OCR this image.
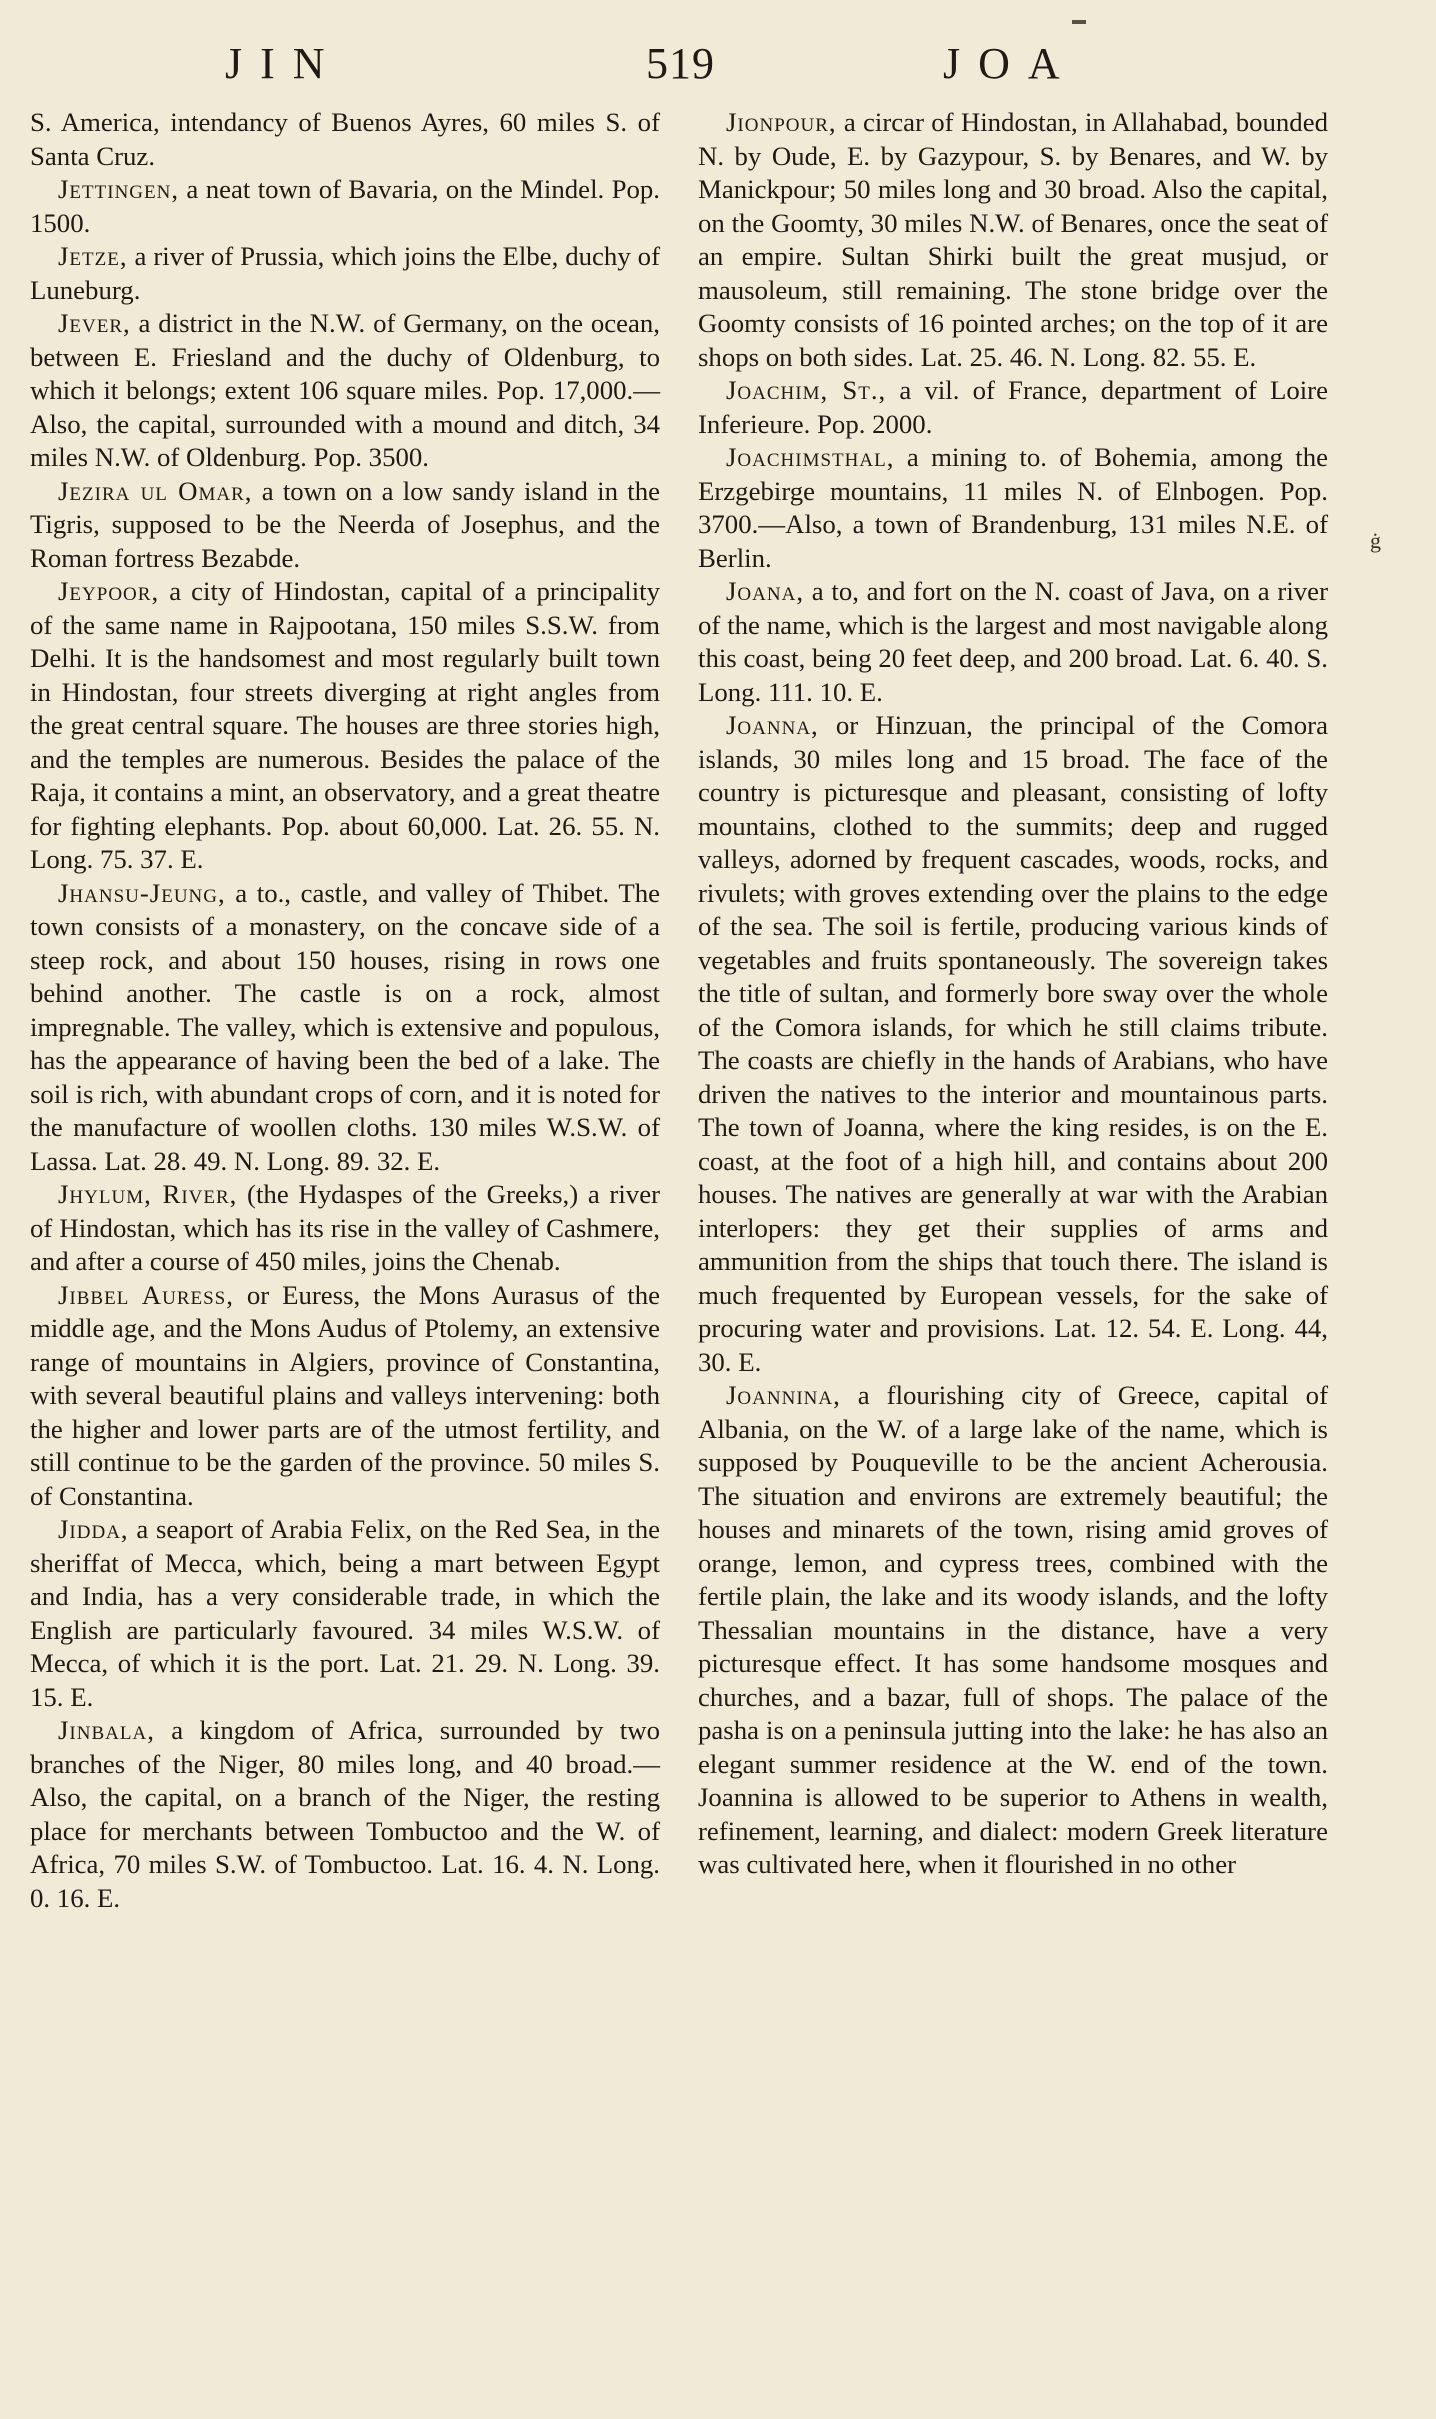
JIN	519	JOA

S. America, intendancy of Buenos Ayres, 60 miles S. of Santa Cruz.

Jettingen, a neat town of Bavaria, on the Mindel. Pop. 1500.

Jetze, a river of Prussia, which joins the Elbe, duchy of Luneburg.

Jever, a district in the N.W. of Germany, on the ocean, between E. Friesland and the duchy of Oldenburg, to which it belongs; extent 106 square miles. Pop. 17,000.—Also, the capital, surrounded with a mound and ditch, 34 miles N.W. of Oldenburg. Pop. 3500.

Jezira ul Omar, a town on a low sandy island in the Tigris, supposed to be the Neerda of Josephus, and the Roman fortress Bezabde.

Jeypoor, a city of Hindostan, capital of a principality of the same name in Rajpootana, 150 miles S.S.W. from Delhi. It is the handsomest and most regularly built town in Hindostan, four streets diverging at right angles from the great central square. The houses are three stories high, and the temples are numerous. Besides the palace of the Raja, it contains a mint, an observatory, and a great theatre for fighting elephants. Pop. about 60,000. Lat. 26. 55. N. Long. 75. 37. E.

Jhansu-Jeung, a to., castle, and valley of Thibet. The town consists of a monastery, on the concave side of a steep rock, and about 150 houses, rising in rows one behind another. The castle is on a rock, almost impregnable. The valley, which is extensive and populous, has the appearance of having been the bed of a lake. The soil is rich, with abundant crops of corn, and it is noted for the manufacture of woollen cloths. 130 miles W.S.W. of Lassa. Lat. 28. 49. N. Long. 89. 32. E.

Jhylum, River, (the Hydaspes of the Greeks,) a river of Hindostan, which has its rise in the valley of Cashmere, and after a course of 450 miles, joins the Chenab.

Jibbel Auress, or Euress, the Mons Aurasus of the middle age, and the Mons Audus of Ptolemy, an extensive range of mountains in Algiers, province of Constantina, with several beautiful plains and valleys intervening: both the higher and lower parts are of the utmost fertility, and still continue to be the garden of the province. 50 miles S. of Constantina.

Jidda, a seaport of Arabia Felix, on the Red Sea, in the sheriffat of Mecca, which, being a mart between Egypt and India, has a very considerable trade, in which the English are particularly favoured. 34 miles W.S.W. of Mecca, of which it is the port. Lat. 21. 29. N. Long. 39. 15. E.

Jinbala, a kingdom of Africa, surrounded by two branches of the Niger, 80 miles long, and 40 broad.—Also, the capital, on a branch of the Niger, the resting place for merchants between Tombuctoo and the W. of Africa, 70 miles S.W. of Tombuctoo. Lat. 16. 4. N. Long. 0. 16. E.

Jionpour, a circar of Hindostan, in Allahabad, bounded N. by Oude, E. by Gazypour, S. by Benares, and W. by Manickpour; 50 miles long and 30 broad. Also the capital, on the Goomty, 30 miles N.W. of Benares, once the seat of an empire. Sultan Shirki built the great musjud, or mausoleum, still remaining. The stone bridge over the Goomty consists of 16 pointed arches; on the top of it are shops on both sides. Lat. 25. 46. N. Long. 82. 55. E.

Joachim, St., a vil. of France, department of Loire Inferieure. Pop. 2000.

Joachimsthal, a mining to. of Bohemia, among the Erzgebirge mountains, 11 miles N. of Elnbogen. Pop. 3700.—Also, a town of Brandenburg, 131 miles N.E. of Berlin.

Joana, a to, and fort on the N. coast of Java, on a river of the name, which is the largest and most navigable along this coast, being 20 feet deep, and 200 broad. Lat. 6. 40. S. Long. 111. 10. E.

Joanna, or Hinzuan, the principal of the Comora islands, 30 miles long and 15 broad. The face of the country is picturesque and pleasant, consisting of lofty mountains, clothed to the summits; deep and rugged valleys, adorned by frequent cascades, woods, rocks, and rivulets; with groves extending over the plains to the edge of the sea. The soil is fertile, producing various kinds of vegetables and fruits spontaneously. The sovereign takes the title of sultan, and formerly bore sway over the whole of the Comora islands, for which he still claims tribute. The coasts are chiefly in the hands of Arabians, who have driven the natives to the interior and mountainous parts. The town of Joanna, where the king resides, is on the E. coast, at the foot of a high hill, and contains about 200 houses. The natives are generally at war with the Arabian interlopers: they get their supplies of arms and ammunition from the ships that touch there. The island is much frequented by European vessels, for the sake of procuring water and provisions. Lat. 12. 54. E. Long. 44, 30. E.

Joannina, a flourishing city of Greece, capital of Albania, on the W. of a large lake of the name, which is supposed by Pouqueville to be the ancient Acherousia. The situation and environs are extremely beautiful; the houses and minarets of the town, rising amid groves of orange, lemon, and cypress trees, combined with the fertile plain, the lake and its woody islands, and the lofty Thessalian mountains in the distance, have a very picturesque effect. It has some handsome mosques and churches, and a bazar, full of shops. The palace of the pasha is on a peninsula jutting into the lake: he has also an elegant summer residence at the W. end of the town. Joannina is allowed to be superior to Athens in wealth, refinement, learning, and dialect: modern Greek literature was cultivated here, when it flourished in no other

ġ
